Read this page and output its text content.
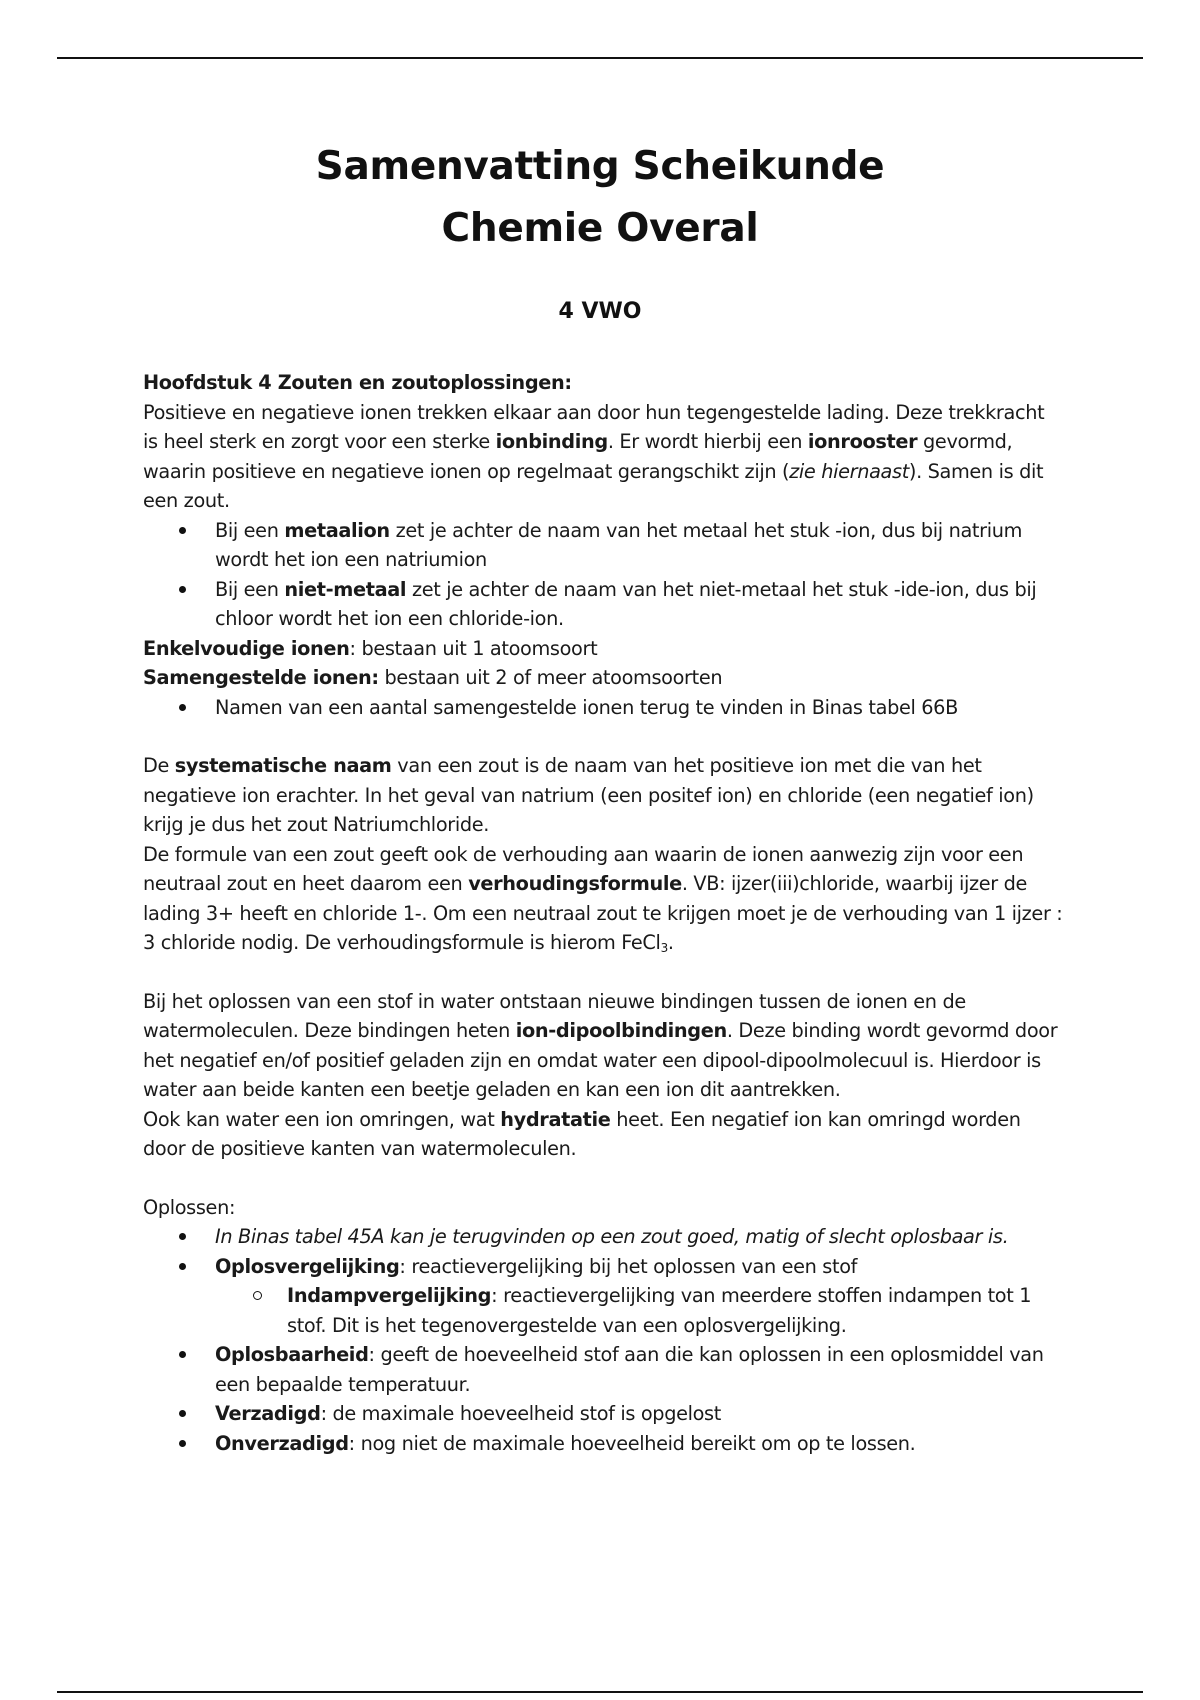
Samenvatting Scheikunde
Chemie Overal
4 VWO

Hoofdstuk 4 Zouten en zoutoplossingen:

Positieve en negatieve ionen trekken elkaar aan door hun tegengestelde lading. Deze trekkracht is heel sterk en zorgt voor een sterke ionbinding. Er wordt hierbij een ionrooster gevormd, waarin positieve en negatieve ionen op regelmaat gerangschikt zijn (zie hiernaast). Samen is dit een zout.

Bij een metaalion zet je achter de naam van het metaal het stuk -ion, dus bij natrium wordt het ion een natriumion
Bij een niet-metaal zet je achter de naam van het niet-metaal het stuk -ide-ion, dus bij chloor wordt het ion een chloride-ion.

Enkelvoudige ionen: bestaan uit 1 atoomsoort

Samengestelde ionen: bestaan uit 2 of meer atoomsoorten

Namen van een aantal samengestelde ionen terug te vinden in Binas tabel 66B

De systematische naam van een zout is de naam van het positieve ion met die van het negatieve ion erachter. In het geval van natrium (een positef ion) en chloride (een negatief ion) krijg je dus het zout Natriumchloride.

De formule van een zout geeft ook de verhouding aan waarin de ionen aanwezig zijn voor een neutraal zout en heet daarom een verhoudingsformule. VB: ijzer(iii)chloride, waarbij ijzer de lading 3+ heeft en chloride 1-. Om een neutraal zout te krijgen moet je de verhouding van 1 ijzer : 3 chloride nodig. De verhoudingsformule is hierom FeCl$_3$.

Bij het oplossen van een stof in water ontstaan nieuwe bindingen tussen de ionen en de watermoleculen. Deze bindingen heten ion-dipoolbindingen. Deze binding wordt gevormd door het negatief en/of positief geladen zijn en omdat water een dipool-dipoolmolecuul is. Hierdoor is water aan beide kanten een beetje geladen en kan een ion dit aantrekken.

Ook kan water een ion omringen, wat hydratatie heet. Een negatief ion kan omringd worden door de positieve kanten van watermoleculen.

Oplossen:

In Binas tabel 45A kan je terugvinden op een zout goed, matig of slecht oplosbaar is.
Oplosvergelijking: reactievergelijking bij het oplossen van een stof
Indampvergelijking: reactievergelijking van meerdere stoffen indampen tot 1 stof. Dit is het tegenovergestelde van een oplosvergelijking.
Oplosbaarheid: geeft de hoeveelheid stof aan die kan oplossen in een oplosmiddel van een bepaalde temperatuur.
Verzadigd: de maximale hoeveelheid stof is opgelost
Onverzadigd: nog niet de maximale hoeveelheid bereikt om op te lossen.
